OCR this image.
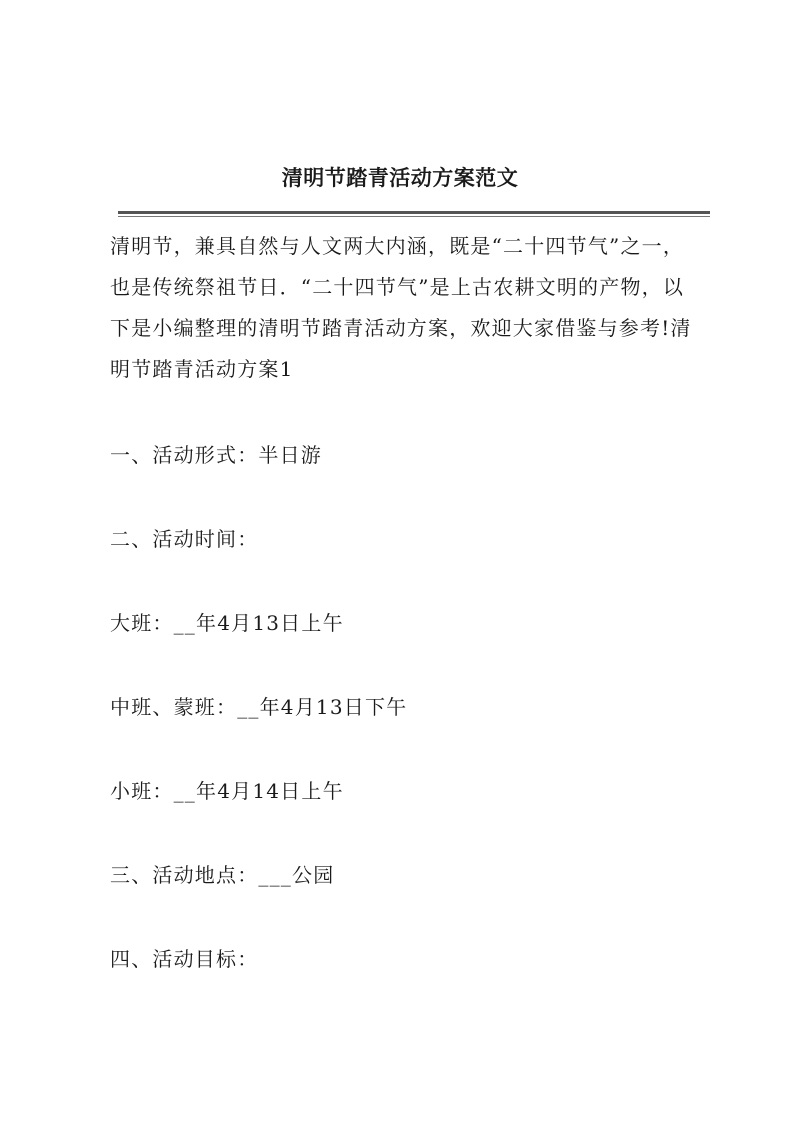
清明节踏青活动方案范文

清明节，兼具自然与人文两大内涵，既是“二十四节气”之一，也是传统祭祖节日．“二十四节气”是上古农耕文明的产物，以下是小编整理的清明节踏青活动方案，欢迎大家借鉴与参考!清明节踏青活动方案1

一、活动形式：半日游

二、活动时间：

大班：__年4月13日上午

中班、蒙班：__年4月13日下午

小班：__年4月14日上午

三、活动地点：___公园

四、活动目标：
